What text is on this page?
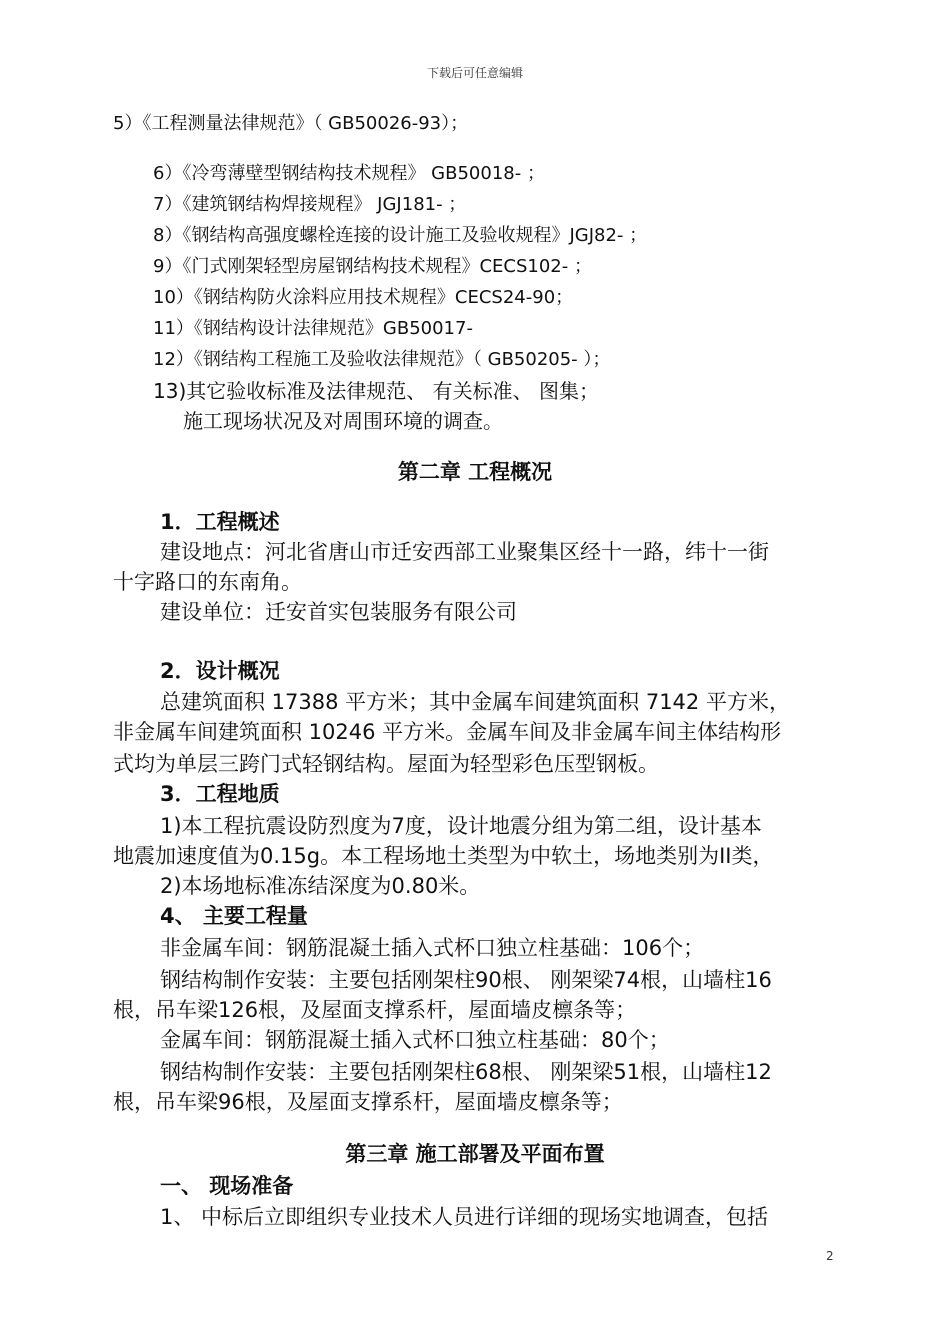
下载后可任意编辑
5）《工程测量法律规范》（ GB50026-93）；
6）《冷弯薄壁型钢结构技术规程》 GB50018- ；
7）《建筑钢结构焊接规程》 JGJ181- ；
8）《钢结构高强度螺栓连接的设计施工及验收规程》JGJ82- ；
9）《门式刚架轻型房屋钢结构技术规程》CECS102- ；
10）《钢结构防火涂料应用技术规程》CECS24-90；
11）《钢结构设计法律规范》GB50017-
12）《钢结构工程施工及验收法律规范》（ GB50205- ）；
13)其它验收标准及法律规范、 有关标准、 图集；
施工现场状况及对周围环境的调查。
第二章 工程概况
1．工程概述
建设地点：河北省唐山市迁安西部工业聚集区经十一路，纬十一街
十字路口的东南角。
建设单位：迁安首实包装服务有限公司
2．设计概况
总建筑面积 17388 平方米；其中金属车间建筑面积 7142 平方米，
非金属车间建筑面积 10246 平方米。金属车间及非金属车间主体结构形
式均为单层三跨门式轻钢结构。屋面为轻型彩色压型钢板。
3．工程地质
1)本工程抗震设防烈度为7度，设计地震分组为第二组，设计基本
地震加速度值为0.15g。本工程场地土类型为中软土，场地类别为II类，
2)本场地标准冻结深度为0.80米。
4、 主要工程量
非金属车间：钢筋混凝土插入式杯口独立柱基础：106个；
钢结构制作安装：主要包括刚架柱90根、 刚架梁74根，山墙柱16
根，吊车梁126根，及屋面支撑系杆，屋面墙皮檩条等；
金属车间：钢筋混凝土插入式杯口独立柱基础：80个；
钢结构制作安装：主要包括刚架柱68根、 刚架梁51根，山墙柱12
根，吊车梁96根，及屋面支撑系杆，屋面墙皮檩条等；
第三章 施工部署及平面布置
一、 现场准备
1、 中标后立即组织专业技术人员进行详细的现场实地调查，包括
2
